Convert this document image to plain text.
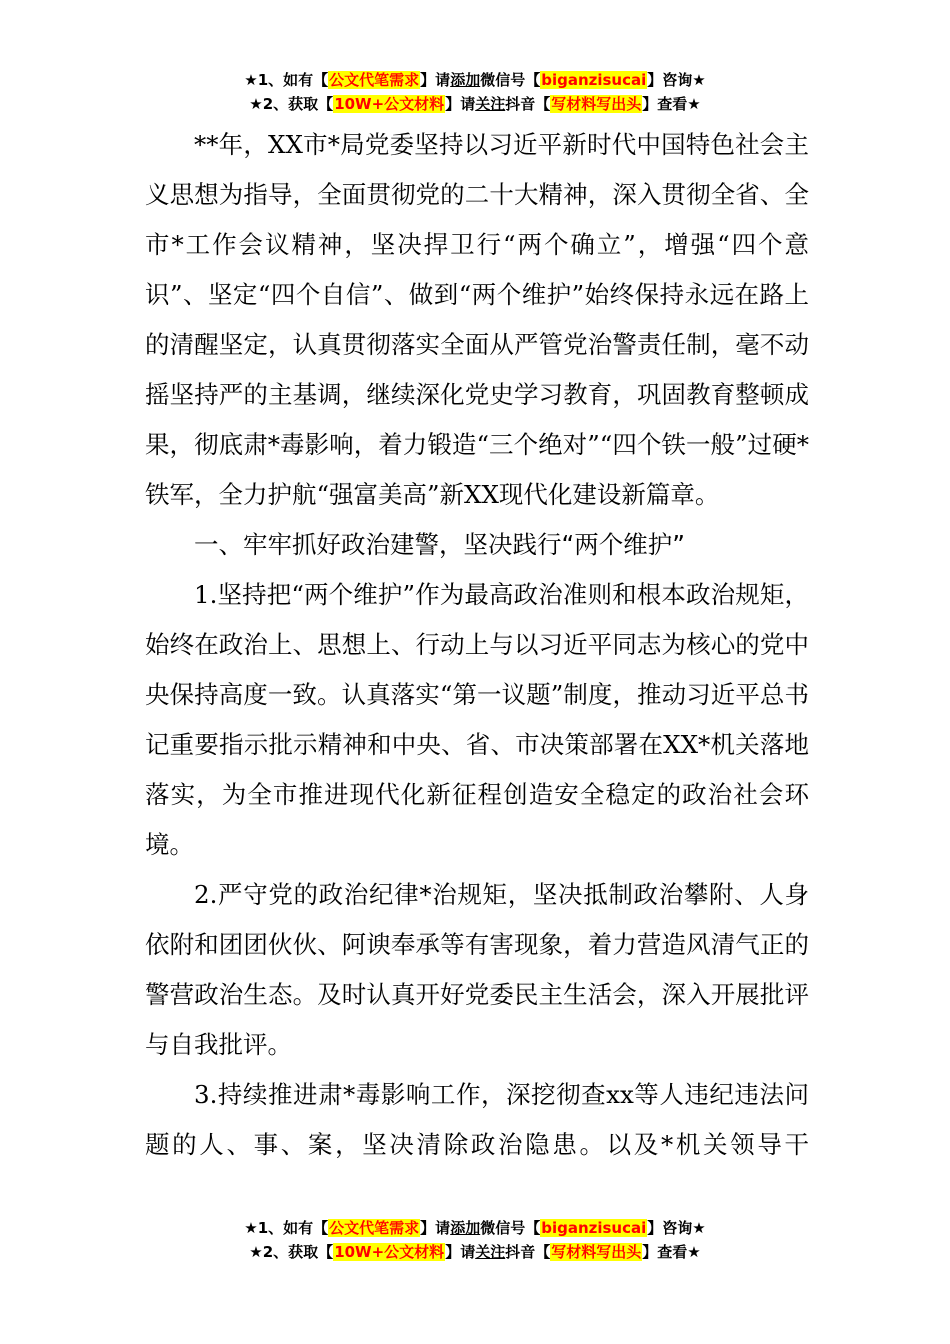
★1、如有【公文代笔需求】请添加微信号【biganzisucai】咨询★
★2、获取【10W+公文材料】请关注抖音【写材料写出头】查看★

**年，XX市*局党委坚持以习近平新时代中国特色社会主义思想为指导，全面贯彻党的二十大精神，深入贯彻全省、全市*工作会议精神，坚决捍卫行“两个确立”，增强“四个意识”、坚定“四个自信”、做到“两个维护”始终保持永远在路上的清醒坚定，认真贯彻落实全面从严管党治警责任制，毫不动摇坚持严的主基调，继续深化党史学习教育，巩固教育整顿成果，彻底肃*毒影响，着力锻造“三个绝对”“四个铁一般”过硬*铁军，全力护航“强富美高”新XX现代化建设新篇章。

一、牢牢抓好政治建警，坚决践行“两个维护”

1.坚持把“两个维护”作为最高政治准则和根本政治规矩，始终在政治上、思想上、行动上与以习近平同志为核心的党中央保持高度一致。认真落实“第一议题”制度，推动习近平总书记重要指示批示精神和中央、省、市决策部署在XX*机关落地落实，为全市推进现代化新征程创造安全稳定的政治社会环境。

2.严守党的政治纪律*治规矩，坚决抵制政治攀附、人身依附和团团伙伙、阿谀奉承等有害现象，着力营造风清气正的警营政治生态。及时认真开好党委民主生活会，深入开展批评与自我批评。

3.持续推进肃*毒影响工作，深挖彻查xx等人违纪违法问题的人、事、案，坚决清除政治隐患。以及*机关领导干

★1、如有【公文代笔需求】请添加微信号【biganzisucai】咨询★
★2、获取【10W+公文材料】请关注抖音【写材料写出头】查看★
